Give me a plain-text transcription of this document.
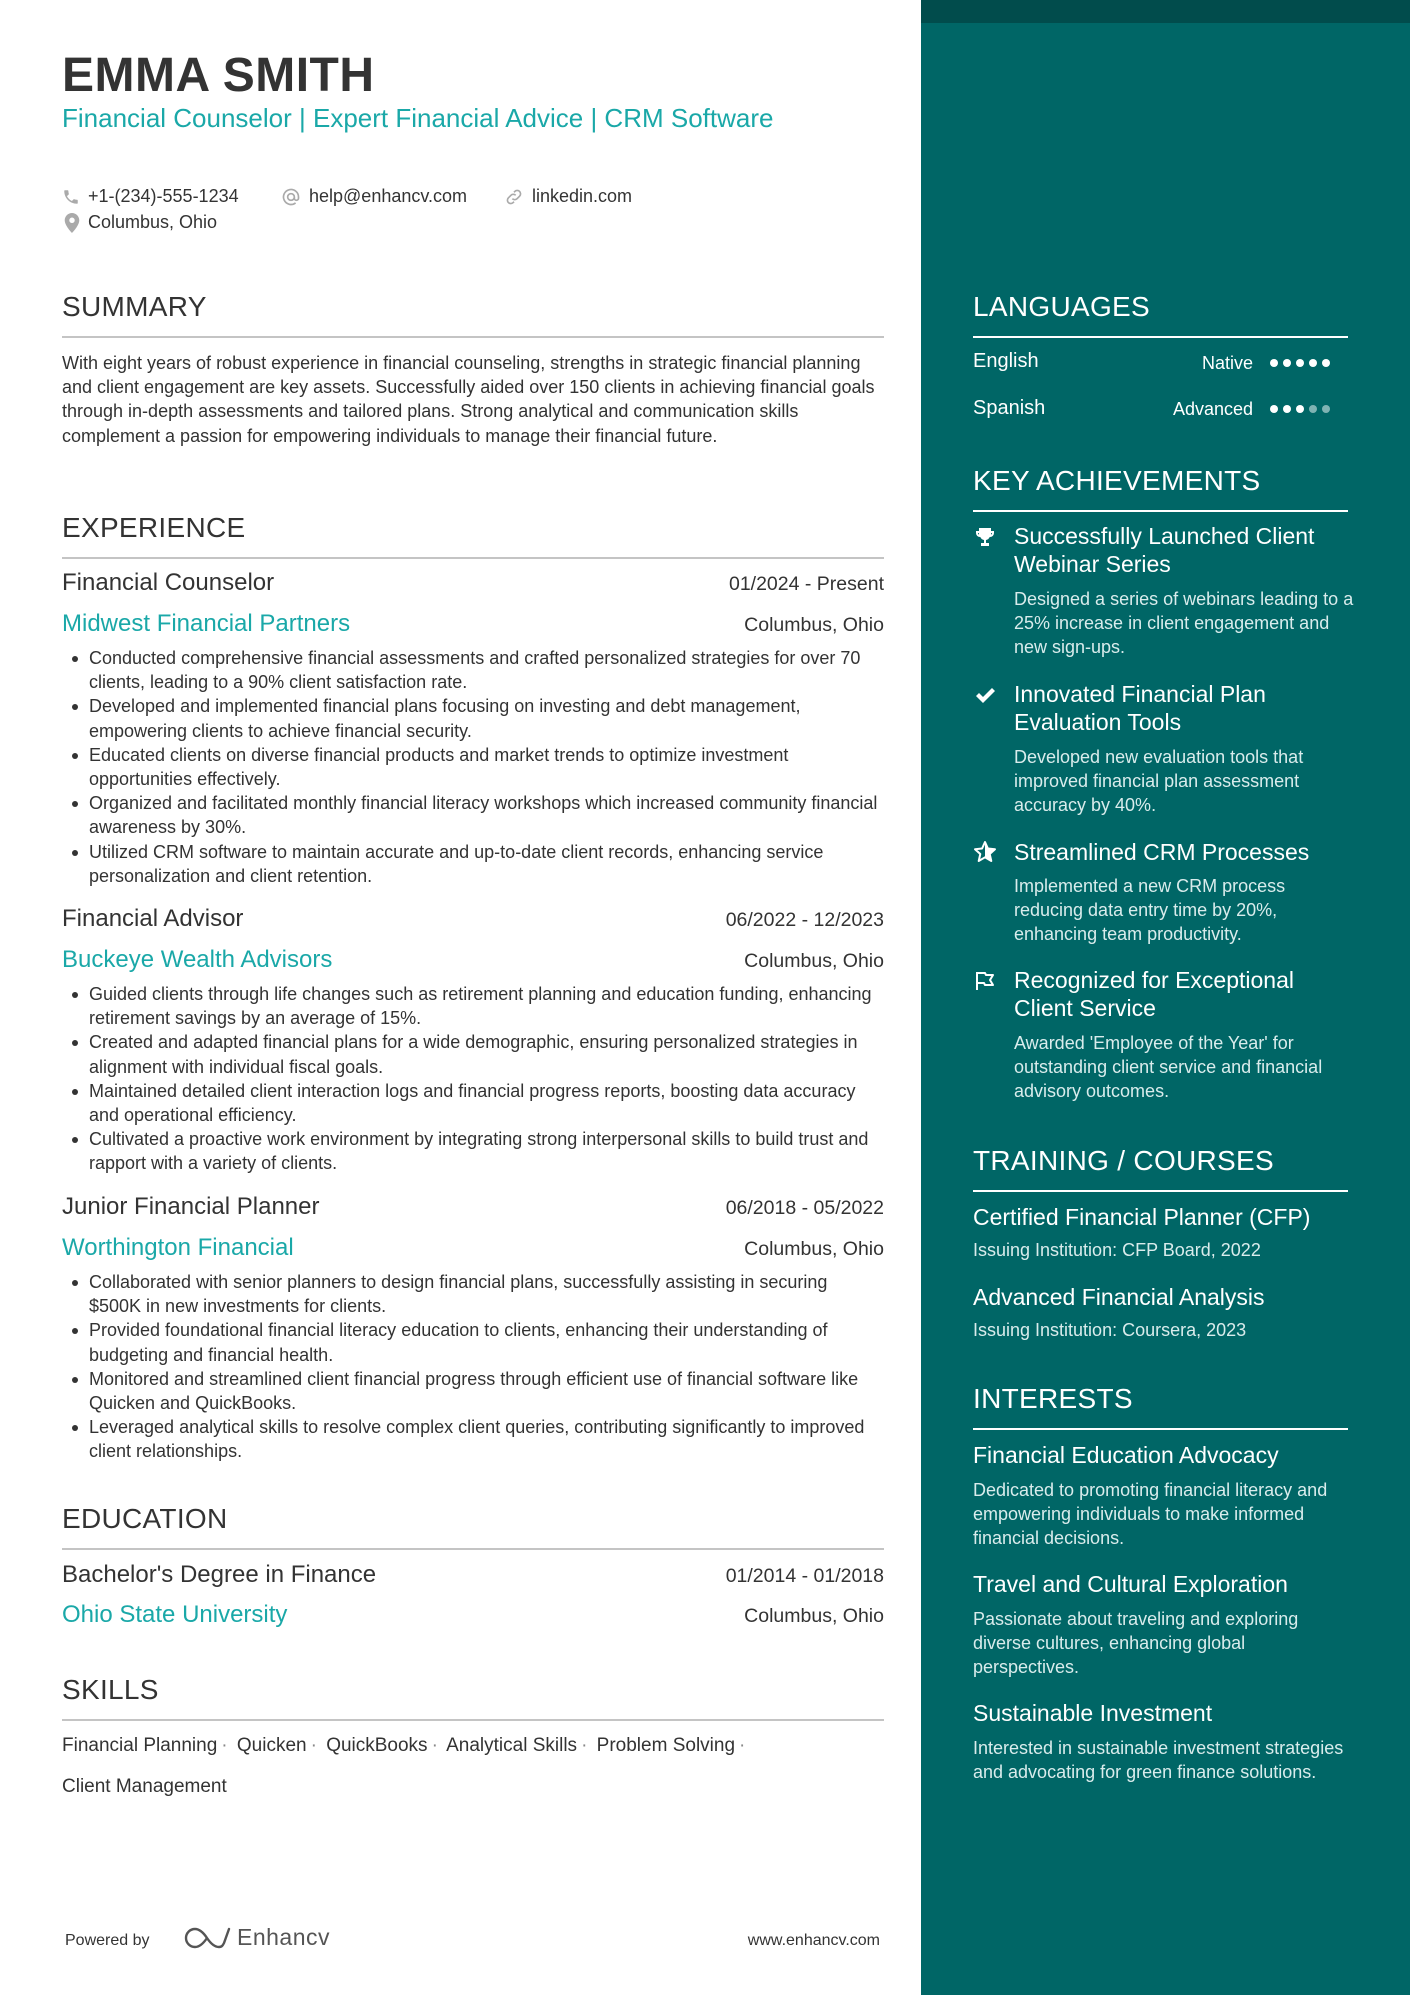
EMMA SMITH
Financial Counselor | Expert Financial Advice | CRM Software
+1-(234)-555-1234	help@enhancv.com	linkedin.com
Columbus, Ohio
SUMMARY
With eight years of robust experience in financial counseling, strengths in strategic financial planning and client engagement are key assets. Successfully aided over 150 clients in achieving financial goals through in-depth assessments and tailored plans. Strong analytical and communication skills complement a passion for empowering individuals to manage their financial future.
EXPERIENCE
Financial Counselor	01/2024 - Present
Midwest Financial Partners	Columbus, Ohio
Conducted comprehensive financial assessments and crafted personalized strategies for over 70 clients, leading to a 90% client satisfaction rate.
Developed and implemented financial plans focusing on investing and debt management, empowering clients to achieve financial security.
Educated clients on diverse financial products and market trends to optimize investment opportunities effectively.
Organized and facilitated monthly financial literacy workshops which increased community financial awareness by 30%.
Utilized CRM software to maintain accurate and up-to-date client records, enhancing service personalization and client retention.
Financial Advisor	06/2022 - 12/2023
Buckeye Wealth Advisors	Columbus, Ohio
Guided clients through life changes such as retirement planning and education funding, enhancing retirement savings by an average of 15%.
Created and adapted financial plans for a wide demographic, ensuring personalized strategies in alignment with individual fiscal goals.
Maintained detailed client interaction logs and financial progress reports, boosting data accuracy and operational efficiency.
Cultivated a proactive work environment by integrating strong interpersonal skills to build trust and rapport with a variety of clients.
Junior Financial Planner	06/2018 - 05/2022
Worthington Financial	Columbus, Ohio
Collaborated with senior planners to design financial plans, successfully assisting in securing $500K in new investments for clients.
Provided foundational financial literacy education to clients, enhancing their understanding of budgeting and financial health.
Monitored and streamlined client financial progress through efficient use of financial software like Quicken and QuickBooks.
Leveraged analytical skills to resolve complex client queries, contributing significantly to improved client relationships.
EDUCATION
Bachelor's Degree in Finance	01/2014 - 01/2018
Ohio State University	Columbus, Ohio
SKILLS
Financial Planning · Quicken · QuickBooks · Analytical Skills · Problem Solving ·
Client Management
Powered by	Enhancv	www.enhancv.com
LANGUAGES
English	Native
Spanish	Advanced
KEY ACHIEVEMENTS
Successfully Launched Client Webinar Series
Designed a series of webinars leading to a 25% increase in client engagement and new sign-ups.
Innovated Financial Plan Evaluation Tools
Developed new evaluation tools that improved financial plan assessment accuracy by 40%.
Streamlined CRM Processes
Implemented a new CRM process reducing data entry time by 20%, enhancing team productivity.
Recognized for Exceptional Client Service
Awarded 'Employee of the Year' for outstanding client service and financial advisory outcomes.
TRAINING / COURSES
Certified Financial Planner (CFP)
Issuing Institution: CFP Board, 2022
Advanced Financial Analysis
Issuing Institution: Coursera, 2023
INTERESTS
Financial Education Advocacy
Dedicated to promoting financial literacy and empowering individuals to make informed financial decisions.
Travel and Cultural Exploration
Passionate about traveling and exploring diverse cultures, enhancing global perspectives.
Sustainable Investment
Interested in sustainable investment strategies and advocating for green finance solutions.
